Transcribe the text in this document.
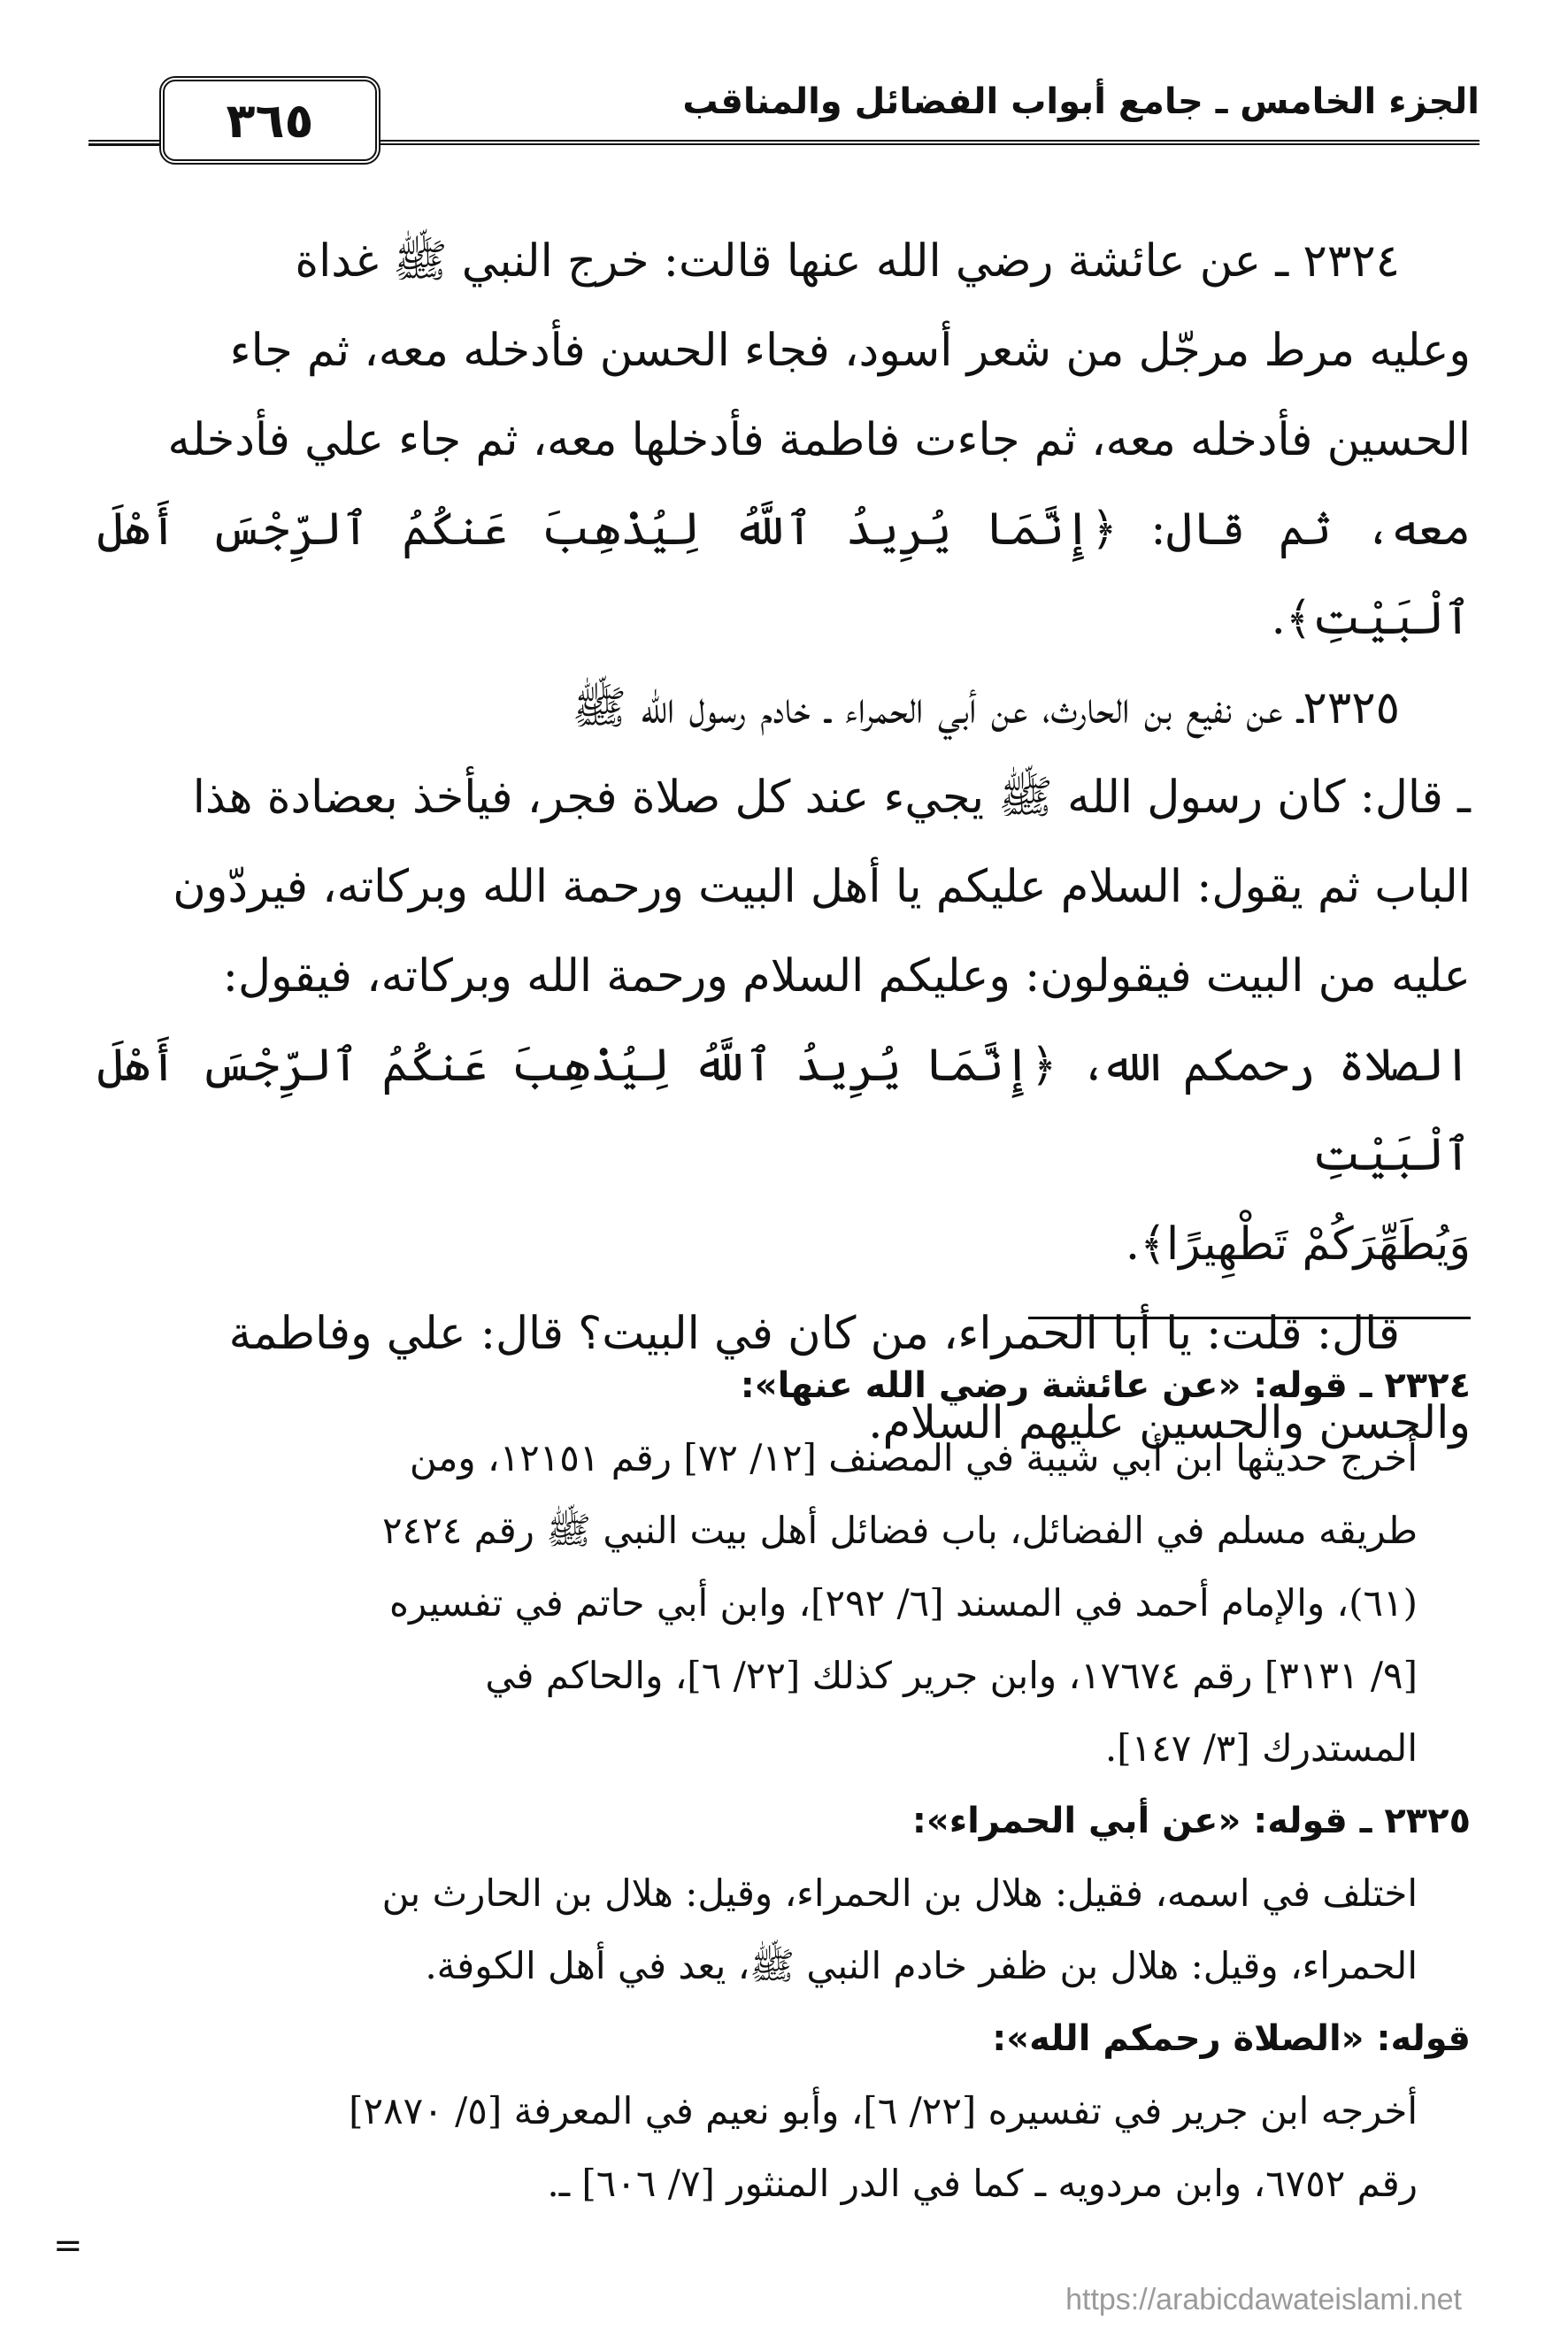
٣٦٥	الجزء الخامس ـ جامع أبواب الفضائل والمناقب

٢٣٢٤ ـ عن عائشة رضي الله عنها قالت: خرج النبي ﷺ غداة

وعليه مرط مرجّل من شعر أسود، فجاء الحسن فأدخله معه، ثم جاء

الحسين فأدخله معه، ثم جاءت فاطمة فأدخلها معه، ثم جاء علي فأدخله

معه، ثم قال: ﴿إِنَّمَا يُرِيدُ ٱللَّهُ لِيُذْهِبَ عَنكُمُ ٱلرِّجْسَ أَهْلَ ٱلْبَيْتِ﴾.

٢٣٢٥ـ عن نفيع بن الحارث، عن أبي الحمراء ـ خادم رسول الله ﷺ

ـ قال: كان رسول الله ﷺ يجيء عند كل صلاة فجر، فيأخذ بعضادة هذا

الباب ثم يقول: السلام عليكم يا أهل البيت ورحمة الله وبركاته، فيردّون

عليه من البيت فيقولون: وعليكم السلام ورحمة الله وبركاته، فيقول:

الصلاة رحمكم الله، ﴿إِنَّمَا يُرِيدُ ٱللَّهُ لِيُذْهِبَ عَنكُمُ ٱلرِّجْسَ أَهْلَ ٱلْبَيْتِ

وَيُطَهِّرَكُمْ تَطْهِيرًا﴾.

قال: قلت: يا أبا الحمراء، من كان في البيت؟ قال: علي وفاطمة

والحسن والحسين عليهم السلام.

٢٣٢٤ ـ قوله: «عن عائشة رضي الله عنها»:

أخرج حديثها ابن أبي شيبة في المصنف [١٢/ ٧٢] رقم ١٢١٥١، ومن

طريقه مسلم في الفضائل، باب فضائل أهل بيت النبي ﷺ رقم ٢٤٢٤

(٦١)، والإمام أحمد في المسند [٦/ ٢٩٢]، وابن أبي حاتم في تفسيره

[٩/ ٣١٣١] رقم ١٧٦٧٤، وابن جرير كذلك [٢٢/ ٦]، والحاكم في

المستدرك [٣/ ١٤٧].

٢٣٢٥ ـ قوله: «عن أبي الحمراء»:

اختلف في اسمه، فقيل: هلال بن الحمراء، وقيل: هلال بن الحارث بن

الحمراء، وقيل: هلال بن ظفر خادم النبي ﷺ، يعد في أهل الكوفة.

قوله: «الصلاة رحمكم الله»:

أخرجه ابن جرير في تفسيره [٢٢/ ٦]، وأبو نعيم في المعرفة [٥/ ٢٨٧٠]

رقم ٦٧٥٢، وابن مردويه ـ كما في الدر المنثور [٧/ ٦٠٦] ـ.

=
https://arabicdawateislami.net
